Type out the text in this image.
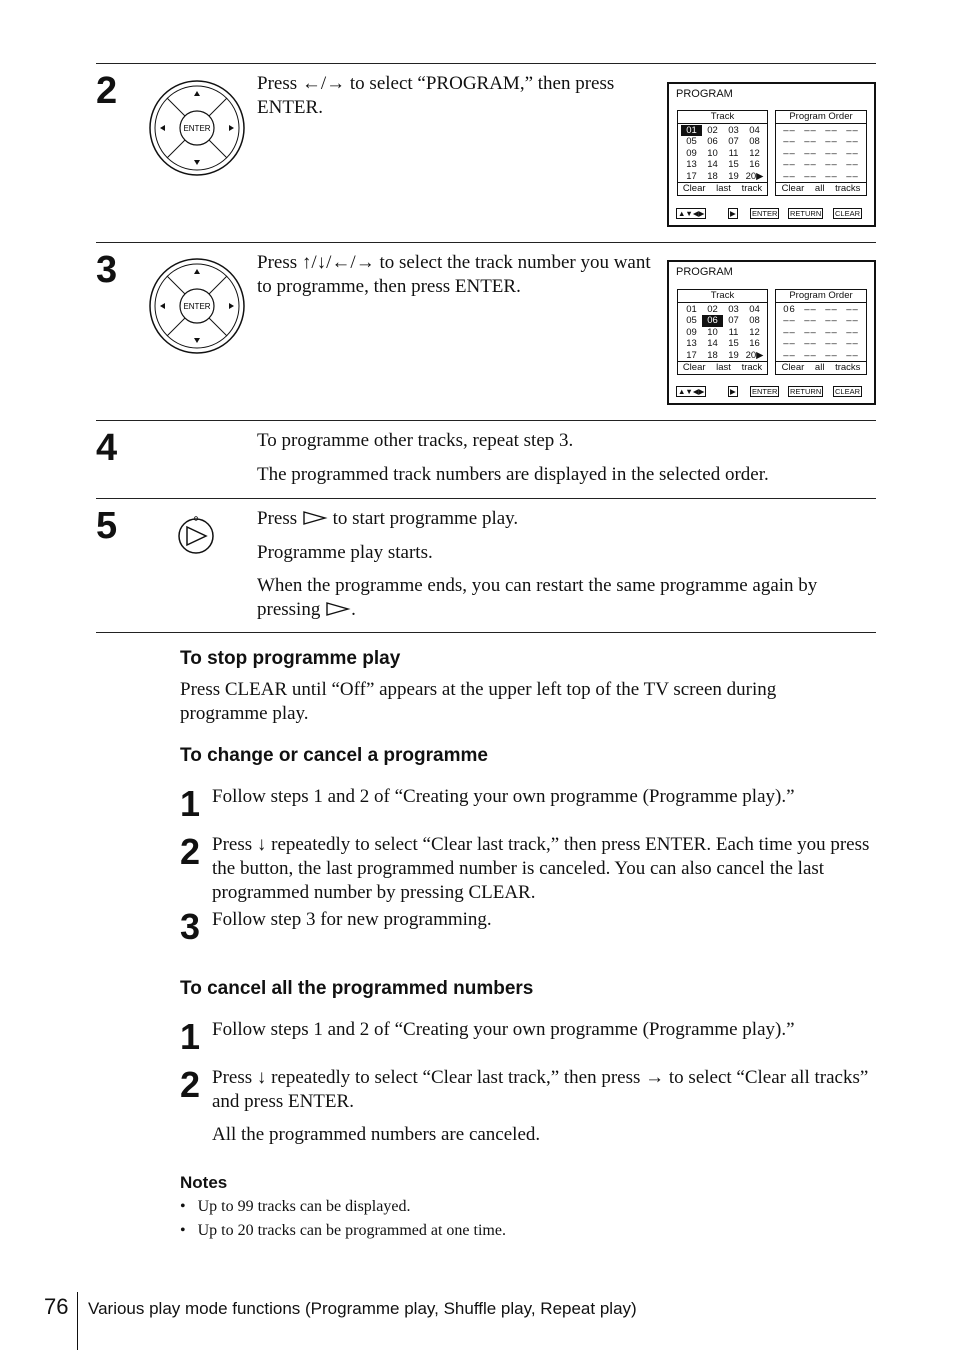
2
ENTER
Press ←/→ to select “PROGRAM,” then press ENTER.
PROGRAM
Track
01	02	03	04
05	06	07	08
09	10	11	12
13	14	15	16
17	18	19 20▶
Clear last track
Program Order
–– –– –– ––
–– –– –– ––
–– –– –– ––
–– –– –– ––
–– –– –– ––
Clear all tracks
▲▼◀▶	▶ ENTER RETURN CLEAR
3
ENTER
Press ↑/↓/←/→ to select the track number you want to programme, then press ENTER.
PROGRAM
Track
01	02	03	04
05	06	07	08
09	10	11	12
13	14	15	16
17	18	19 20▶
Clear last track
Program Order
06 –– –– ––
–– –– –– ––
–– –– –– ––
–– –– –– ––
–– –– –– ––
Clear all tracks
▲▼◀▶	▶ ENTER RETURN CLEAR
4	To programme other tracks, repeat step 3.
The programmed track numbers are displayed in the selected order.
5	Press to start programme play.
Programme play starts.
When the programme ends, you can restart the same programme again by pressing .
To stop programme play
Press CLEAR until “Off” appears at the upper left top of the TV screen during programme play.
To change or cancel a programme
1 Follow steps 1 and 2 of “Creating your own programme (Programme play).”
2 Press ↓ repeatedly to select “Clear last track,” then press ENTER. Each time you press the button, the last programmed number is canceled. You can also cancel the last programmed number by pressing CLEAR.
3 Follow step 3 for new programming.
To cancel all the programmed numbers
1 Follow steps 1 and 2 of “Creating your own programme (Programme play).”
2 Press ↓ repeatedly to select “Clear last track,” then press → to select “Clear all tracks” and press ENTER.
All the programmed numbers are canceled.
Notes
•   Up to 99 tracks can be displayed.
•   Up to 20 tracks can be programmed at one time.
76 Various play mode functions (Programme play, Shuffle play, Repeat play)
